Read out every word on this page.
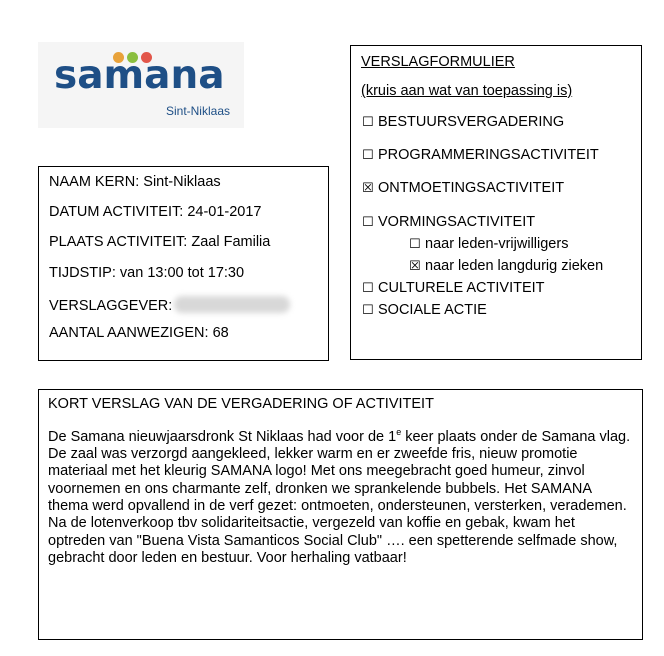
samana
Sint-Niklaas
NAAM KERN: Sint-Niklaas
DATUM ACTIVITEIT: 24-01-2017
PLAATS ACTIVITEIT: Zaal Familia
TIJDSTIP: van 13:00 tot 17:30
VERSLAGGEVER:
AANTAL AANWEZIGEN: 68
VERSLAGFORMULIER
(kruis aan wat van toepassing is)
☐ BESTUURSVERGADERING
☐ PROGRAMMERINGSACTIVITEIT
☒ ONTMOETINGSACTIVITEIT
☐ VORMINGSACTIVITEIT
☐ naar leden-vrijwilligers
☒ naar leden langdurig zieken
☐ CULTURELE ACTIVITEIT
☐ SOCIALE ACTIE
KORT VERSLAG VAN DE VERGADERING OF ACTIVITEIT

De Samana nieuwjaarsdronk St Niklaas had voor de 1e keer plaats onder de Samana vlag.

De zaal was verzorgd aangekleed, lekker warm en er zweefde fris, nieuw promotie materiaal met het kleurig SAMANA logo! Met ons meegebracht goed humeur, zinvol voornemen en ons charmante zelf, dronken we sprankelende bubbels. Het SAMANA thema werd opvallend in de verf gezet: ontmoeten, ondersteunen, versterken, verademen.

Na de lotenverkoop tbv solidariteitsactie, vergezeld van koffie en gebak, kwam het optreden van "Buena Vista Samanticos Social Club" …. een spetterende selfmade show, gebracht door leden en bestuur. Voor herhaling vatbaar!
